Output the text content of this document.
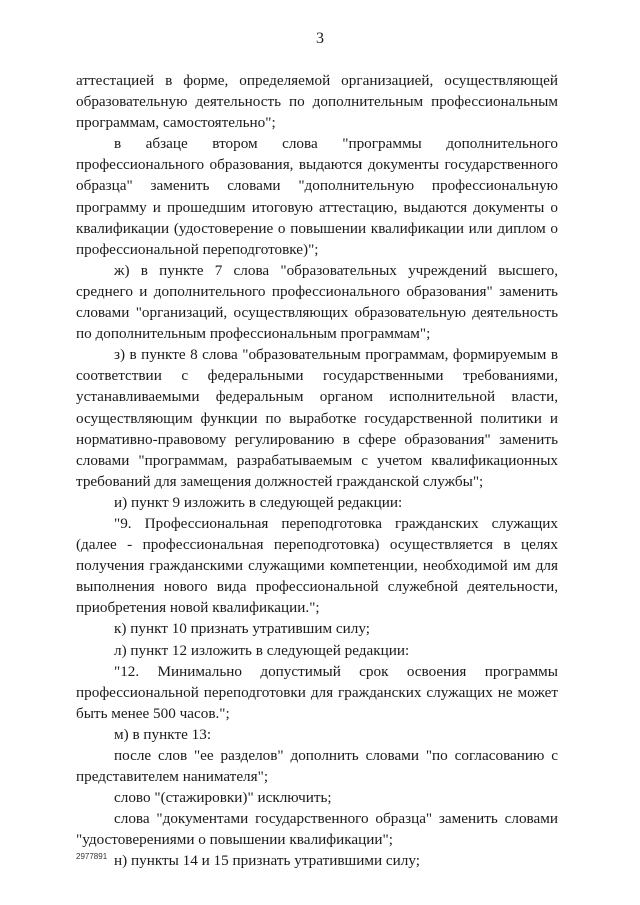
3

аттестацией в форме, определяемой организацией, осуществляющей образовательную деятельность по дополнительным профессиональным программам, самостоятельно";

в абзаце втором слова "программы дополнительного профессионального образования, выдаются документы государственного образца" заменить словами "дополнительную профессиональную программу и прошедшим итоговую аттестацию, выдаются документы о квалификации (удостоверение о повышении квалификации или диплом о профессиональной переподготовке)";

ж) в пункте 7 слова "образовательных учреждений высшего, среднего и дополнительного профессионального образования" заменить словами "организаций, осуществляющих образовательную деятельность по дополнительным профессиональным программам";

з) в пункте 8 слова "образовательным программам, формируемым в соответствии с федеральными государственными требованиями, устанавливаемыми федеральным органом исполнительной власти, осуществляющим функции по выработке государственной политики и нормативно-правовому регулированию в сфере образования" заменить словами "программам, разрабатываемым с учетом квалификационных требований для замещения должностей гражданской службы";

и) пункт 9 изложить в следующей редакции:

"9. Профессиональная переподготовка гражданских служащих (далее - профессиональная переподготовка) осуществляется в целях получения гражданскими служащими компетенции, необходимой им для выполнения нового вида профессиональной служебной деятельности, приобретения новой квалификации.";

к) пункт 10 признать утратившим силу;

л) пункт 12 изложить в следующей редакции:

"12. Минимально допустимый срок освоения программы профессиональной переподготовки для гражданских служащих не может быть менее 500 часов.";

м) в пункте 13:

после слов "ее разделов" дополнить словами "по согласованию с представителем нанимателя";

слово "(стажировки)" исключить;

слова "документами государственного образца" заменить словами "удостоверениями о повышении квалификации";

н) пункты 14 и 15 признать утратившими силу;

2977891
